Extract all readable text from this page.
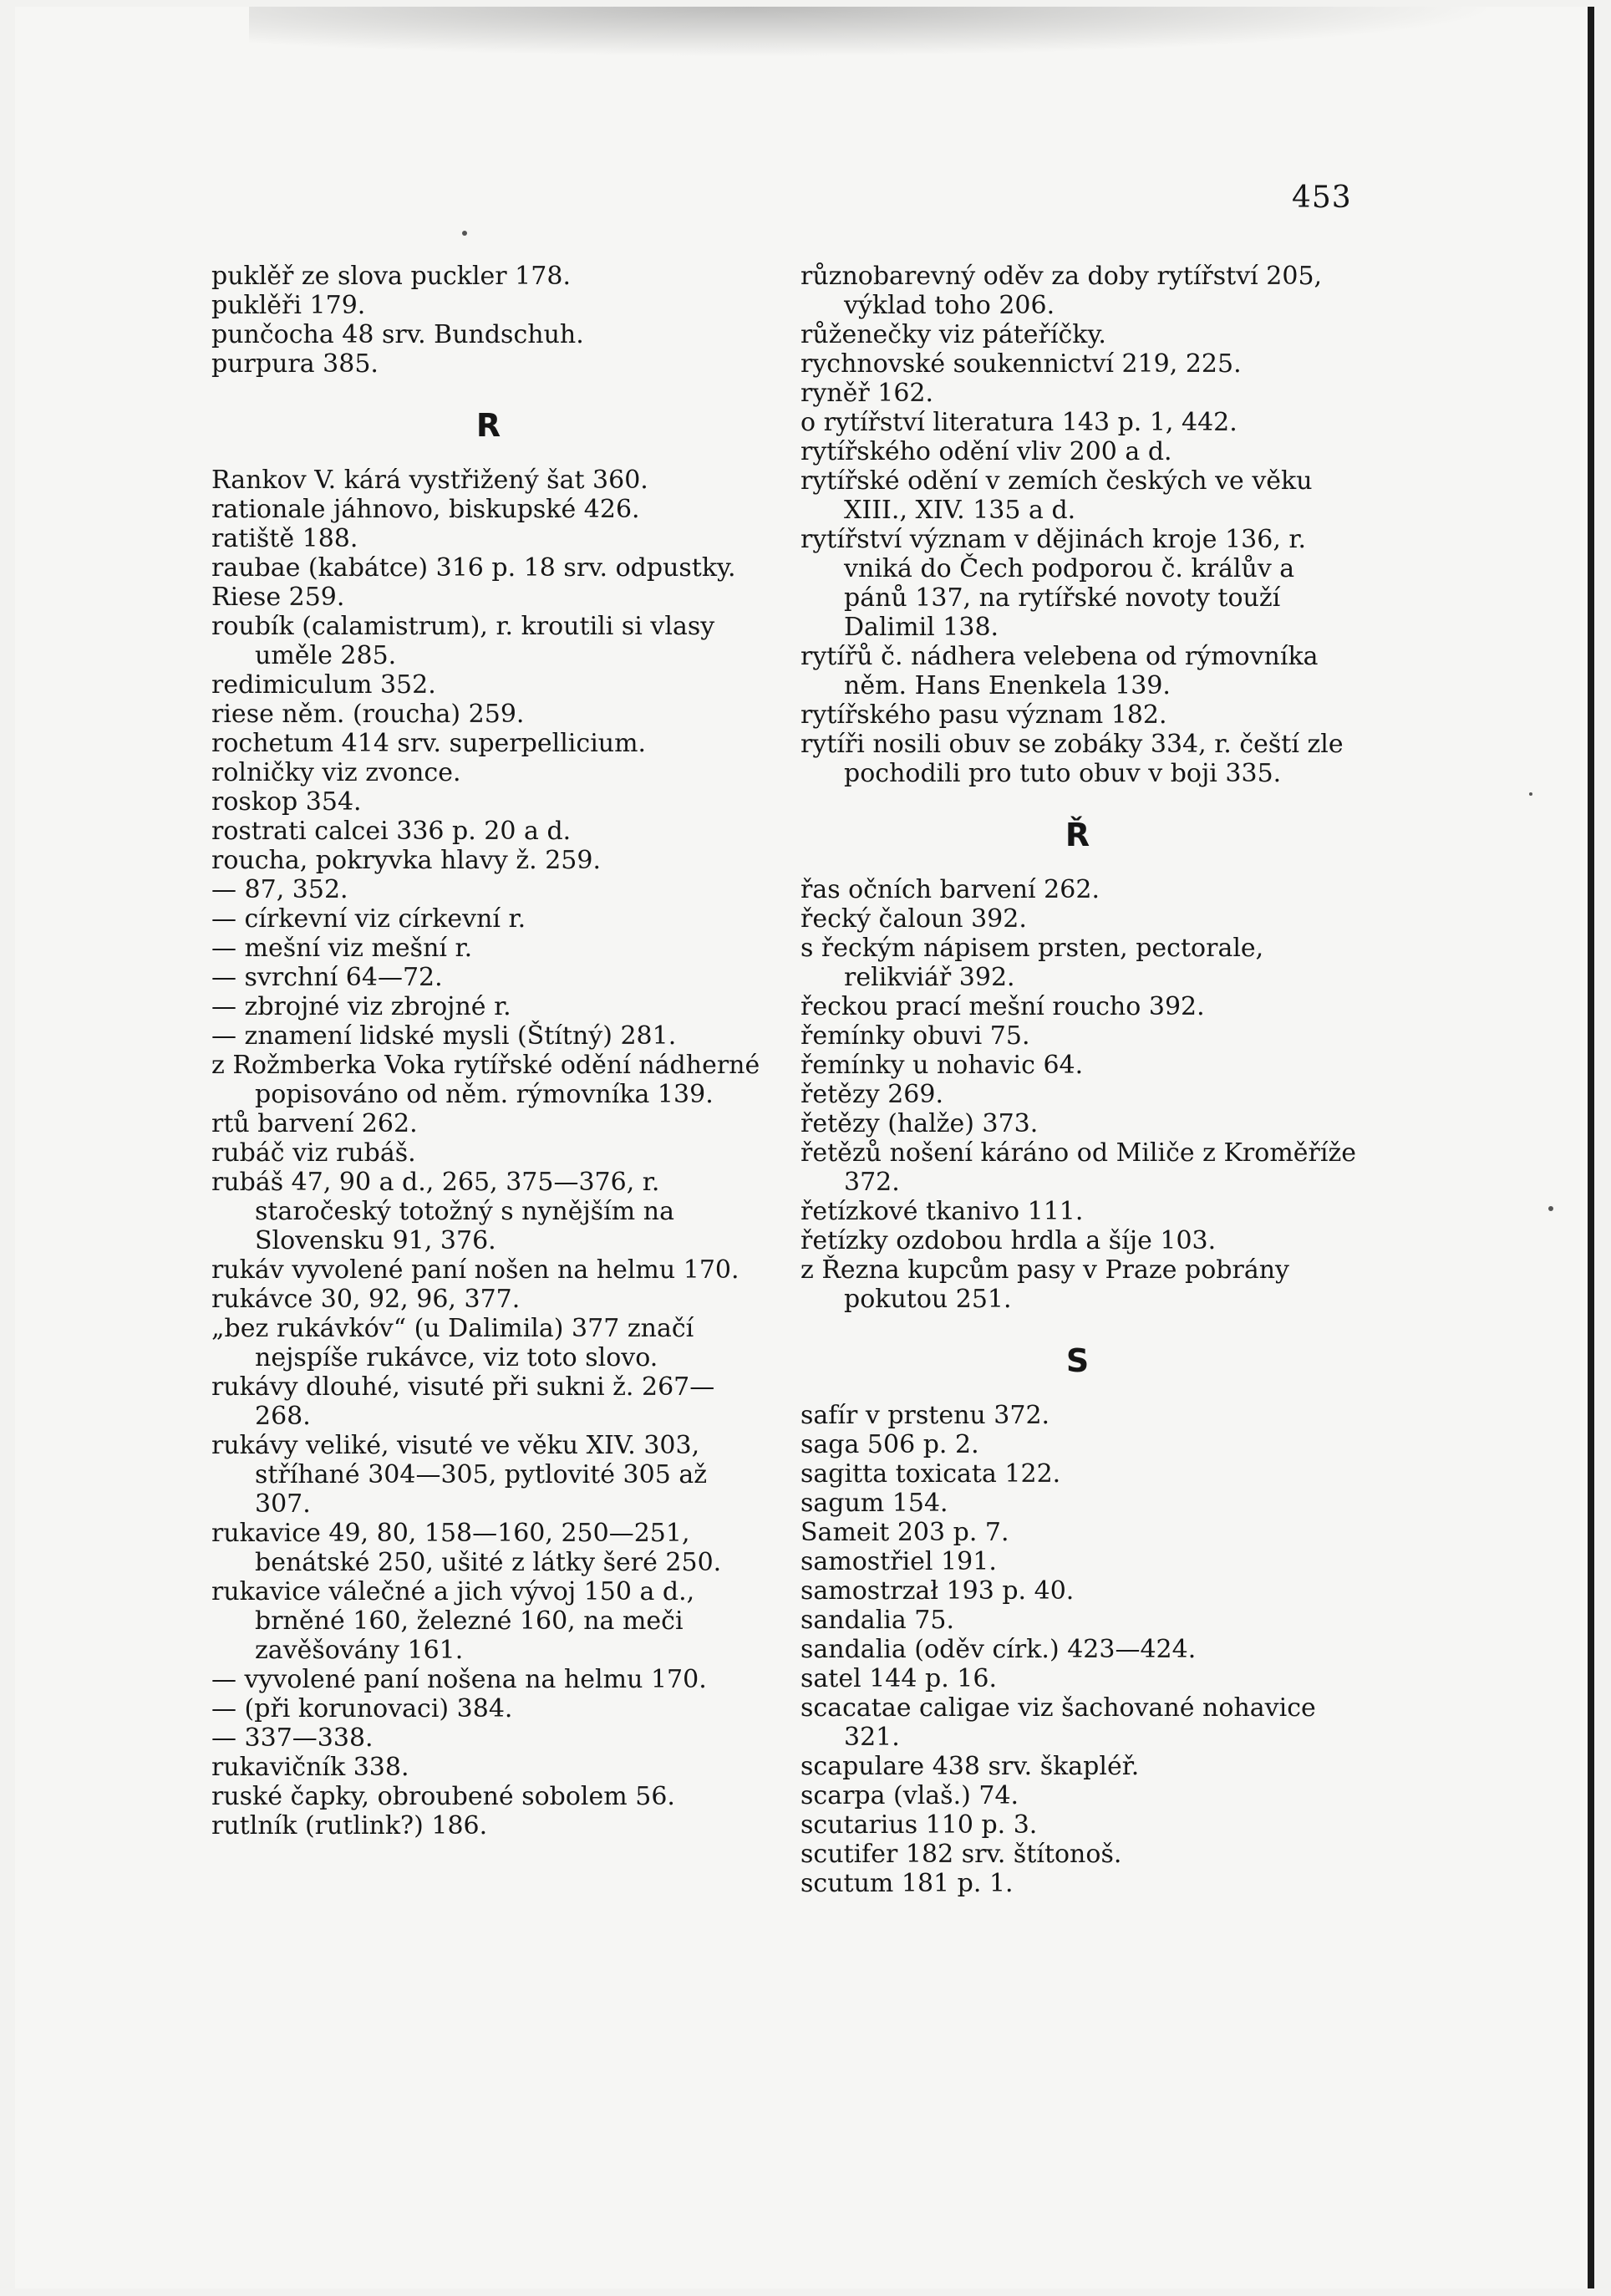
453
puklěř ze slova puckler 178.
puklěři 179.
punčocha 48 srv. Bundschuh.
purpura 385.
R
Rankov V. kárá vystřižený šat 360.
rationale jáhnovo, biskupské 426.
ratiště 188.
raubae (kabátce) 316 p. 18 srv. odpustky.
Riese 259.
roubík (calamistrum), r. kroutili si vlasy uměle 285.
redimiculum 352.
riese něm. (roucha) 259.
rochetum 414 srv. superpellicium.
rolničky viz zvonce.
roskop 354.
rostrati calcei 336 p. 20 a d.
roucha, pokryvka hlavy ž. 259.
— 87, 352.
— církevní viz církevní r.
— mešní viz mešní r.
— svrchní 64—72.
— zbrojné viz zbrojné r.
— znamení lidské mysli (Štítný) 281.
z Rožmberka Voka rytířské odění nádherné popisováno od něm. rýmovníka 139.
rtů barvení 262.
rubáč viz rubáš.
rubáš 47, 90 a d., 265, 375—376, r. staročeský totožný s nynějším na Slovensku 91, 376.
rukáv vyvolené paní nošen na helmu 170.
rukávce 30, 92, 96, 377.
„bez rukávkóv“ (u Dalimila) 377 značí nejspíše rukávce, viz toto slovo.
rukávy dlouhé, visuté při sukni ž. 267—268.
rukávy veliké, visuté ve věku XIV. 303, stříhané 304—305, pytlovité 305 až 307.
rukavice 49, 80, 158—160, 250—251, benátské 250, ušité z látky šeré 250.
rukavice válečné a jich vývoj 150 a d., brněné 160, železné 160, na meči zavěšovány 161.
— vyvolené paní nošena na helmu 170.
— (při korunovaci) 384.
— 337—338.
rukavičník 338.
ruské čapky, obroubené sobolem 56.
rutlník (rutlink?) 186.
různobarevný oděv za doby rytířství 205, výklad toho 206.
růženečky viz páteříčky.
rychnovské soukennictví 219, 225.
ryněř 162.
o rytířství literatura 143 p. 1, 442.
rytířského odění vliv 200 a d.
rytířské odění v zemích českých ve věku XIII., XIV. 135 a d.
rytířství význam v dějinách kroje 136, r. vniká do Čech podporou č. králův a pánů 137, na rytířské novoty touží Dalimil 138.
rytířů č. nádhera velebena od rýmovníka něm. Hans Enenkela 139.
rytířského pasu význam 182.
rytíři nosili obuv se zobáky 334, r. čeští zle pochodili pro tuto obuv v boji 335.
Ř
řas očních barvení 262.
řecký čaloun 392.
s řeckým nápisem prsten, pectorale, relikviář 392.
řeckou prací mešní roucho 392.
řemínky obuvi 75.
řemínky u nohavic 64.
řetězy 269.
řetězy (halže) 373.
řetězů nošení káráno od Miliče z Kroměříže 372.
řetízkové tkanivo 111.
řetízky ozdobou hrdla a šíje 103.
z Řezna kupcům pasy v Praze pobrány pokutou 251.
S
safír v prstenu 372.
saga 506 p. 2.
sagitta toxicata 122.
sagum 154.
Sameit 203 p. 7.
samostřiel 191.
samostrzał 193 p. 40.
sandalia 75.
sandalia (oděv círk.) 423—424.
satel 144 p. 16.
scacatae caligae viz šachované nohavice 321.
scapulare 438 srv. škapléř.
scarpa (vlaš.) 74.
scutarius 110 p. 3.
scutifer 182 srv. štítonoš.
scutum 181 p. 1.
